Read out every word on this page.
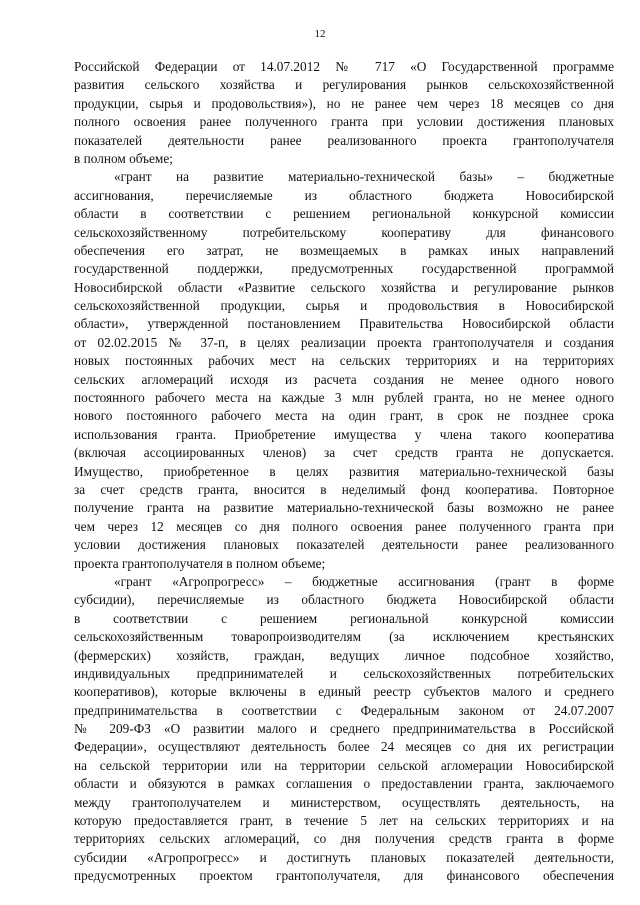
12
Российской Федерации от 14.07.2012 № 717 «О Государственной программе
развития сельского хозяйства и регулирования рынков сельскохозяйственной
продукции, сырья и продовольствия»), но не ранее чем через 18 месяцев со дня
полного освоения ранее полученного гранта при условии достижения плановых
показателей деятельности ранее реализованного проекта грантополучателя
в полном объеме;
«грант на развитие материально-технической базы» – бюджетные
ассигнования, перечисляемые из областного бюджета Новосибирской
области в соответствии с решением региональной конкурсной комиссии
сельскохозяйственному потребительскому кооперативу для финансового
обеспечения его затрат, не возмещаемых в рамках иных направлений
государственной поддержки, предусмотренных государственной программой
Новосибирской области «Развитие сельского хозяйства и регулирование рынков
сельскохозяйственной продукции, сырья и продовольствия в Новосибирской
области», утвержденной постановлением Правительства Новосибирской области
от 02.02.2015 № 37-п, в целях реализации проекта грантополучателя и создания
новых постоянных рабочих мест на сельских территориях и на территориях
сельских агломераций исходя из расчета создания не менее одного нового
постоянного рабочего места на каждые 3 млн рублей гранта, но не менее одного
нового постоянного рабочего места на один грант, в срок не позднее срока
использования гранта. Приобретение имущества у члена такого кооператива
(включая ассоциированных членов) за счет средств гранта не допускается.
Имущество, приобретенное в целях развития материально-технической базы
за счет средств гранта, вносится в неделимый фонд кооператива. Повторное
получение гранта на развитие материально-технической базы возможно не ранее
чем через 12 месяцев со дня полного освоения ранее полученного гранта при
условии достижения плановых показателей деятельности ранее реализованного
проекта грантополучателя в полном объеме;
«грант «Агропрогресс» – бюджетные ассигнования (грант в форме
субсидии), перечисляемые из областного бюджета Новосибирской области
в соответствии с решением региональной конкурсной комиссии
сельскохозяйственным товаропроизводителям (за исключением крестьянских
(фермерских) хозяйств, граждан, ведущих личное подсобное хозяйство,
индивидуальных предпринимателей и сельскохозяйственных потребительских
кооперативов), которые включены в единый реестр субъектов малого и среднего
предпринимательства в соответствии с Федеральным законом от 24.07.2007
№ 209-ФЗ «О развитии малого и среднего предпринимательства в Российской
Федерации», осуществляют деятельность более 24 месяцев со дня их регистрации
на сельской территории или на территории сельской агломерации Новосибирской
области и обязуются в рамках соглашения о предоставлении гранта, заключаемого
между грантополучателем и министерством, осуществлять деятельность, на
которую предоставляется грант, в течение 5 лет на сельских территориях и на
территориях сельских агломераций, со дня получения средств гранта в форме
субсидии «Агропрогресс» и достигнуть плановых показателей деятельности,
предусмотренных проектом грантополучателя, для финансового обеспечения
